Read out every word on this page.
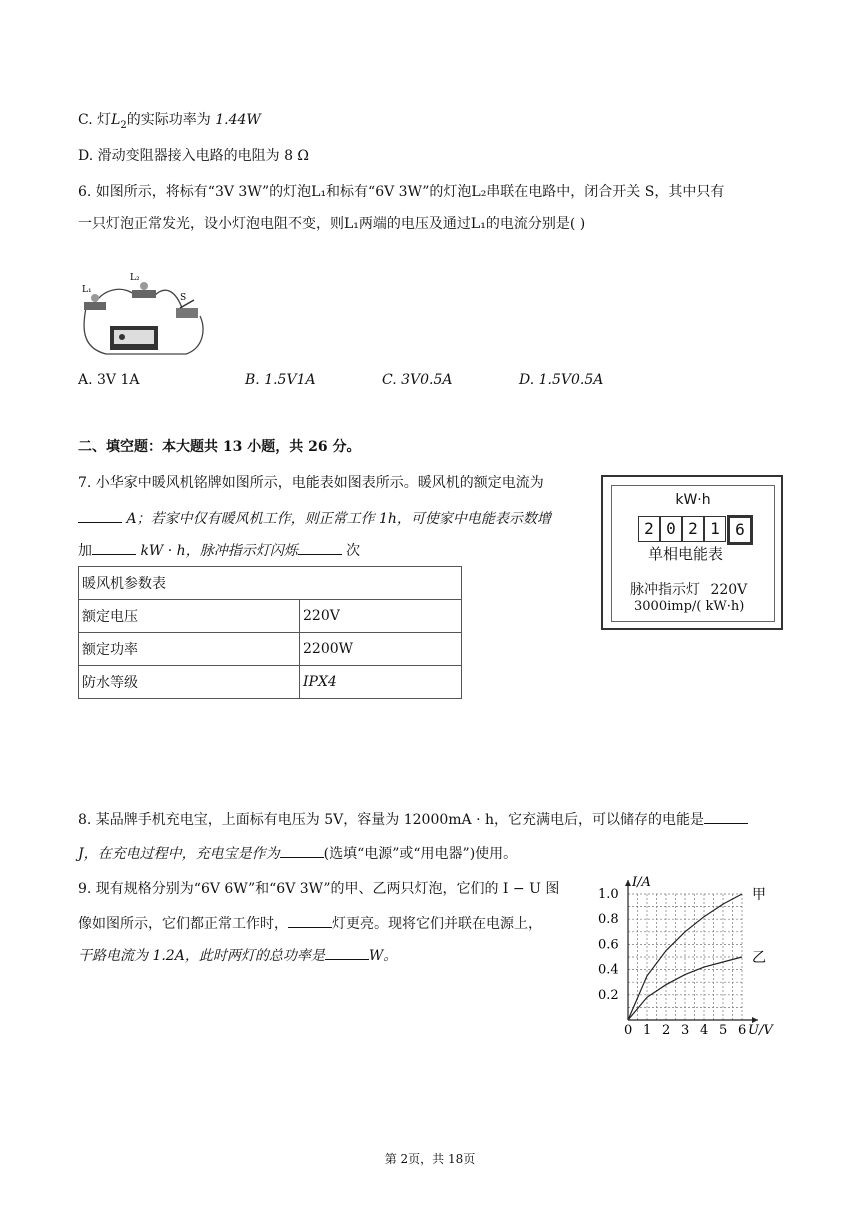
C. 灯$L_2$的实际功率为 1.44W
D. 滑动变阻器接入电路的电阻为 8 Ω
6. 如图所示，将标有“3V 3W”的灯泡L₁和标有“6V 3W”的灯泡L₂串联在电路中，闭合开关 S，其中只有
一只灯泡正常发光，设小灯泡电阻不变，则L₁两端的电压及通过L₁的电流分别是( )
L₁
L₂
S
A. 3V 1A	B. 1.5V1A	C. 3V0.5A	D. 1.5V0.5A
二、填空题：本大题共 13 小题，共 26 分。
7. 小华家中暖风机铭牌如图所示，电能表如图表所示。暖风机的额定电流为
A；若家中仅有暖风机工作，则正常工作 1h，可使家中电能表示数增
加	kW · h，脉冲指示灯闪烁	次
暖风机参数表	
额定电压	220V
额定功率	2200W
防水等级	IPX4
kW·h
2 0 2 1 6
单相电能表
脉冲指示灯 220V
3000imp/( kW·h)
8. 某品牌手机充电宝，上面标有电压为 5V，容量为 12000mA · h，它充满电后，可以储存的电能是
J，在充电过程中，充电宝是作为	(选填“电源”或“用电器”)使用。
9. 现有规格分别为“6V 6W”和“6V 3W”的甲、乙两只灯泡，它们的 I − U 图
像如图所示，它们都正常工作时，	灯更亮。现将它们并联在电源上，
干路电流为 1.2A，此时两灯的总功率是	W。
0 1 2 3 4 5 6
0.2
0.4
0.6
0.8
1.0
I/A
U/V
甲
乙
第 2页，共 18页
